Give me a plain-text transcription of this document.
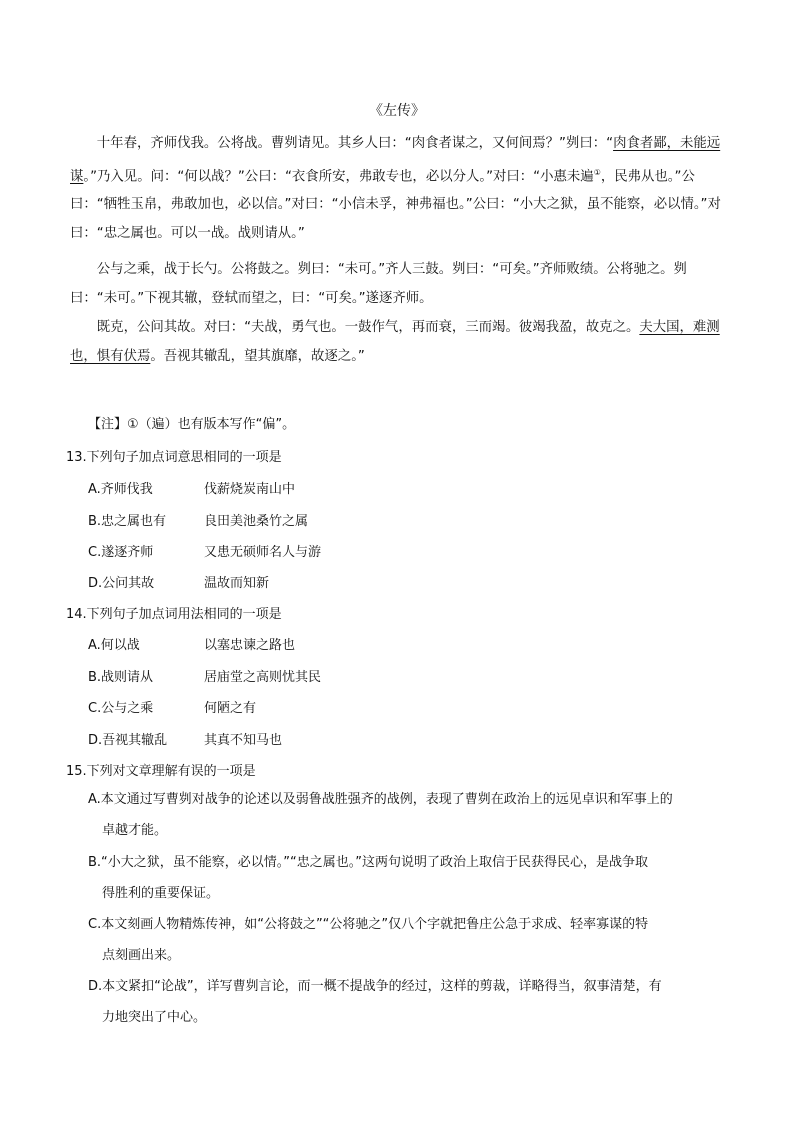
《左传》
十年春，齐师伐我。公将战。曹刿请见。其乡人曰：“肉食者谋之，又何间焉？”刿曰：“肉食者鄙，未能远谋。”乃入见。问：“何以战？”公曰：“衣食所安，弗敢专也，必以分人。”对曰：“小惠未遍①，民弗从也。”公曰：“牺牲玉帛，弗敢加也，必以信。”对曰：“小信未孚，神弗福也。”公曰：“小大之狱，虽不能察，必以情。”对曰：“忠之属也。可以一战。战则请从。”
公与之乘，战于长勺。公将鼓之。刿曰：“未可。”齐人三鼓。刿曰：“可矣。”齐师败绩。公将驰之。刿曰：“未可。”下视其辙，登轼而望之，曰：“可矣。”遂逐齐师。
既克，公问其故。对曰：“夫战，勇气也。一鼓作气，再而衰，三而竭。彼竭我盈，故克之。夫大国，难测也，惧有伏焉。吾视其辙乱，望其旗靡，故逐之。”
【注】①（遍）也有版本写作“偏”。
13.下列句子加点词意思相同的一项是
A.齐师伐我	伐薪烧炭南山中
B.忠之属也有	良田美池桑竹之属
C.遂逐齐师	又患无硕师名人与游
D.公问其故	温故而知新
14.下列句子加点词用法相同的一项是
A.何以战	以塞忠谏之路也
B.战则请从	居庙堂之高则忧其民
C.公与之乘	何陋之有
D.吾视其辙乱	其真不知马也
15.下列对文章理解有误的一项是
A.本文通过写曹刿对战争的论述以及弱鲁战胜强齐的战例，表现了曹刿在政治上的远见卓识和军事上的
卓越才能。
B.“小大之狱，虽不能察，必以情。”“忠之属也。”这两句说明了政治上取信于民获得民心，是战争取
得胜利的重要保证。
C.本文刻画人物精炼传神，如“公将鼓之”“公将驰之”仅八个字就把鲁庄公急于求成、轻率寡谋的特
点刻画出来。
D.本文紧扣“论战”，详写曹刿言论，而一概不提战争的经过，这样的剪裁，详略得当，叙事清楚，有
力地突出了中心。
